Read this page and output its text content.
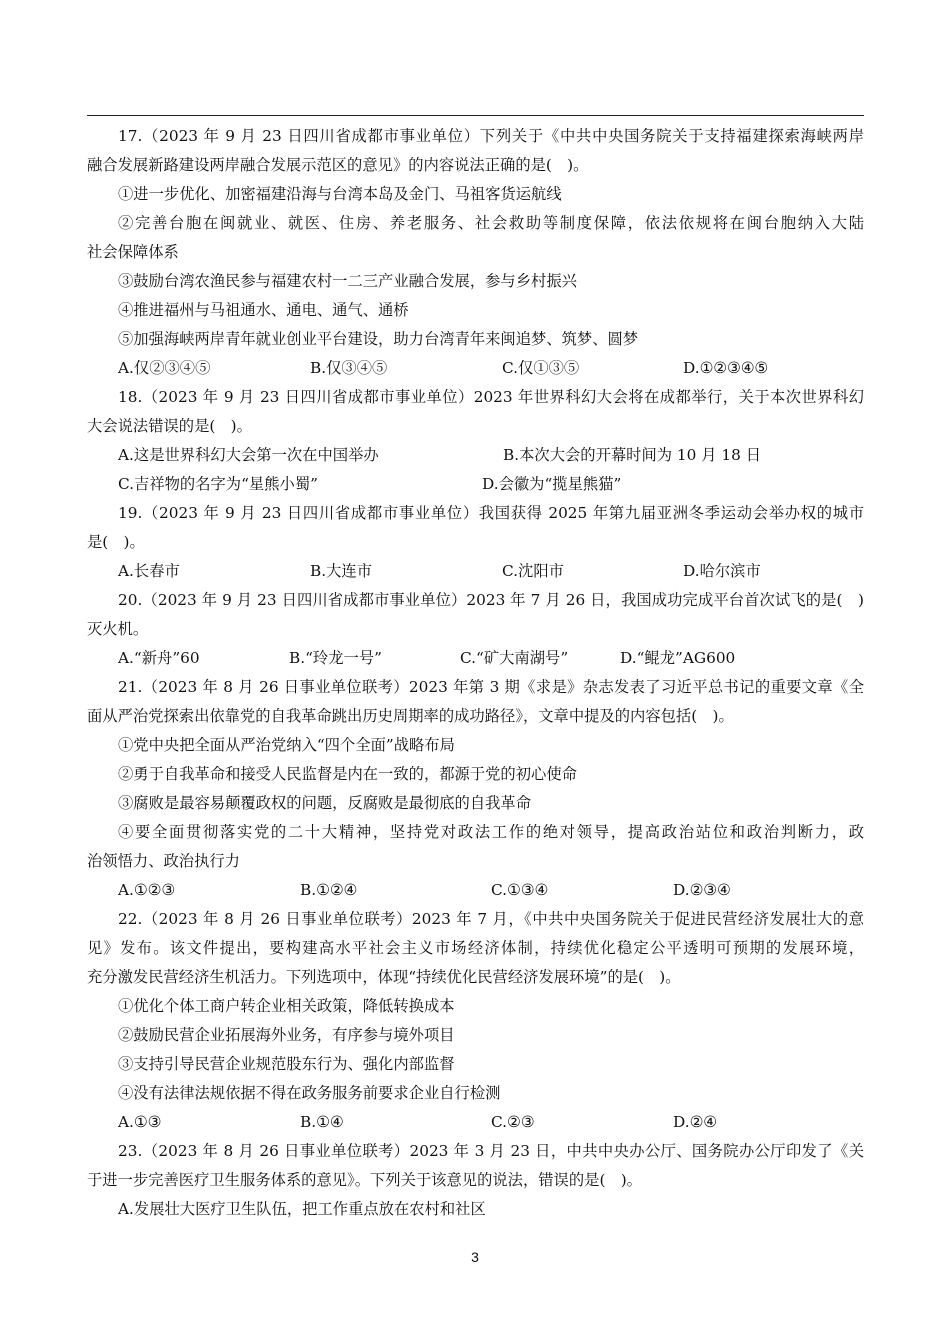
17.（2023 年 9 月 23 日四川省成都市事业单位）下列关于《中共中央国务院关于支持福建探索海峡两岸
融合发展新路建设两岸融合发展示范区的意见》的内容说法正确的是(　)。
①进一步优化、加密福建沿海与台湾本岛及金门、马祖客货运航线
②完善台胞在闽就业、就医、住房、养老服务、社会救助等制度保障，依法依规将在闽台胞纳入大陆
社会保障体系
③鼓励台湾农渔民参与福建农村一二三产业融合发展，参与乡村振兴
④推进福州与马祖通水、通电、通气、通桥
⑤加强海峡两岸青年就业创业平台建设，助力台湾青年来闽追梦、筑梦、圆梦
A.仅②③④⑤	B.仅③④⑤	C.仅①③⑤	D.①②③④⑤
18.（2023 年 9 月 23 日四川省成都市事业单位）2023 年世界科幻大会将在成都举行，关于本次世界科幻
大会说法错误的是(　)。
A.这是世界科幻大会第一次在中国举办	B.本次大会的开幕时间为 10 月 18 日
C.吉祥物的名字为“星熊小蜀”	D.会徽为“揽星熊猫”
19.（2023 年 9 月 23 日四川省成都市事业单位）我国获得 2025 年第九届亚洲冬季运动会举办权的城市
是(　)。
A.长春市	B.大连市	C.沈阳市	D.哈尔滨市
20.（2023 年 9 月 23 日四川省成都市事业单位）2023 年 7 月 26 日，我国成功完成平台首次试飞的是(　)
灭火机。
A.“新舟”60	B.“玲龙一号”	C.“矿大南湖号”	D.“鲲龙”AG600
21.（2023 年 8 月 26 日事业单位联考）2023 年第 3 期《求是》杂志发表了习近平总书记的重要文章《全
面从严治党探索出依靠党的自我革命跳出历史周期率的成功路径》，文章中提及的内容包括(　)。
①党中央把全面从严治党纳入“四个全面”战略布局
②勇于自我革命和接受人民监督是内在一致的，都源于党的初心使命
③腐败是最容易颠覆政权的问题，反腐败是最彻底的自我革命
④要全面贯彻落实党的二十大精神，坚持党对政法工作的绝对领导，提高政治站位和政治判断力，政
治领悟力、政治执行力
A.①②③	B.①②④	C.①③④	D.②③④
22.（2023 年 8 月 26 日事业单位联考）2023 年 7 月，《中共中央国务院关于促进民营经济发展壮大的意
见》发布。该文件提出，要构建高水平社会主义市场经济体制，持续优化稳定公平透明可预期的发展环境，
充分激发民营经济生机活力。下列选项中，体现“持续优化民营经济发展环境”的是(　)。
①优化个体工商户转企业相关政策，降低转换成本
②鼓励民营企业拓展海外业务，有序参与境外项目
③支持引导民营企业规范股东行为、强化内部监督
④没有法律法规依据不得在政务服务前要求企业自行检测
A.①③	B.①④	C.②③	D.②④
23.（2023 年 8 月 26 日事业单位联考）2023 年 3 月 23 日，中共中央办公厅、国务院办公厅印发了《关
于进一步完善医疗卫生服务体系的意见》。下列关于该意见的说法，错误的是(　)。
A.发展壮大医疗卫生队伍，把工作重点放在农村和社区
3
